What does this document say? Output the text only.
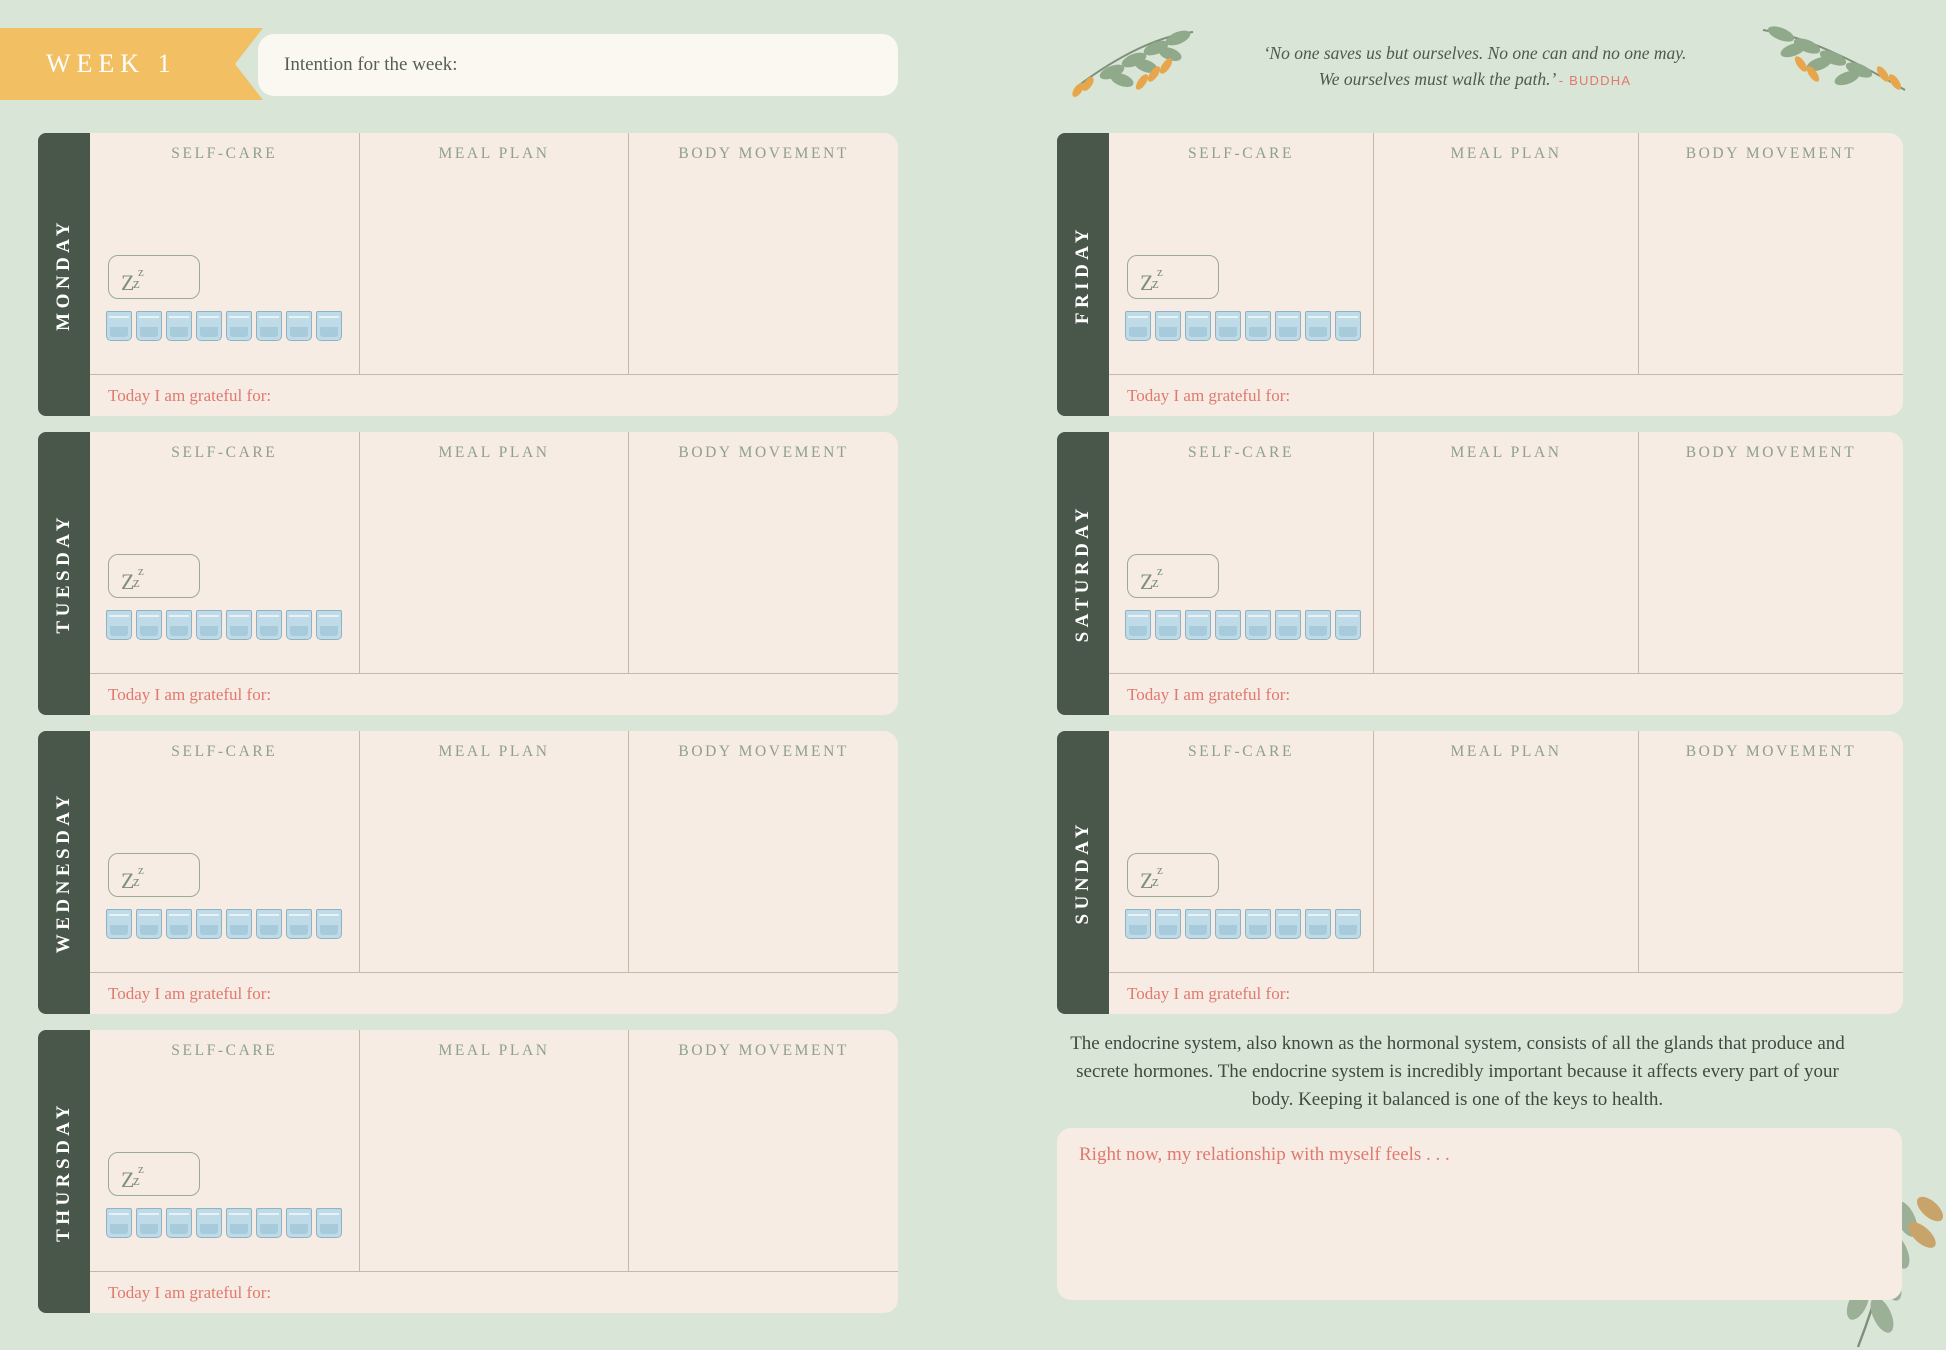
WEEK 1	Intention for the week:
‘No one saves us but ourselves. No one can and no one may. We ourselves must walk the path.’ - BUDDHA
MONDAY
SELF-CARE
Z z
z
MEAL PLAN	BODY MOVEMENT
Today I am grateful for:
TUESDAY
SELF-CARE
Z z
z
MEAL PLAN	BODY MOVEMENT
Today I am grateful for:
WEDNESDAY
SELF-CARE
Z z
z
MEAL PLAN	BODY MOVEMENT
Today I am grateful for:
THURSDAY
SELF-CARE
Z z
z
MEAL PLAN	BODY MOVEMENT
Today I am grateful for:
FRIDAY
SELF-CARE
Z z
z
MEAL PLAN	BODY MOVEMENT
Today I am grateful for:
SATURDAY
SELF-CARE
Z z
z
MEAL PLAN	BODY MOVEMENT
Today I am grateful for:
SUNDAY
SELF-CARE
Z z
z
MEAL PLAN	BODY MOVEMENT
Today I am grateful for:
The endocrine system, also known as the hormonal system, consists of all the glands that produce and secrete hormones. The endocrine system is incredibly important because it affects every part of your body. Keeping it balanced is one of the keys to health.
Right now, my relationship with myself feels . . .
